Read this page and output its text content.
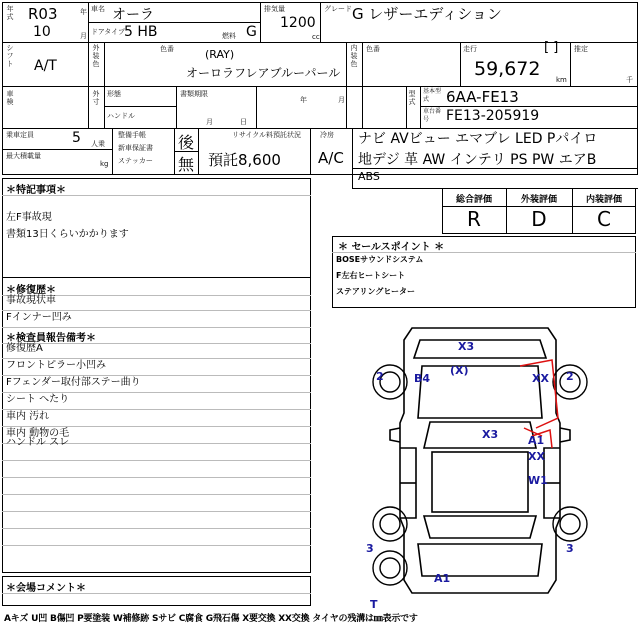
年
式 R03	年
10	月
車名 オーラ
ドアタイプ 5 HB	燃料 G
排気量
1200
cc
グレード G レザーエディション
シフト A/T
外装色
色番	(RAY)
オーロラフレアブルーパール
内装色
色番	走行	[ ]
59,672 km
推定
千
車検
外寸
形態
ハンドル
書類期限
年
月	日
月
型式
基本型式	6AA-FE13
車台番号	FE13-205919
乗車定員	5 人乗
最大積載量
kg
整備手帳
新車保証書
ステッカー
後
無
リサイクル料預託状況
預託8,600
冷房
A/C
ナビ AVビュー エマブレ LED Pパイロ
地デジ 革 AW インテリ PS PW エアB
ABS
＊特記事項＊
左F事故現
書類13日くらいかかります
総合評価	外装評価	内装評価
R	D	C
＊ セールスポイント ＊
BOSEサウンドシステム
F左右ヒートシート
ステアリングヒーター
＊修復歴＊
事故現状車
Fインナー凹み
＊検査員報告備考＊
修復歴A
フロントピラー小凹み
Fフェンダー取付部ステー曲り
シート へたり
車内 汚れ
車内 動物の毛
ハンドル スレ
＊会場コメント＊
X3
B4
(X)
XX
2	2
X3	A1
XX
W1
3	3
A1
T
Aキズ U凹 B傷凹 P要塗装 W補修跡 Sサビ C腐食 G飛石傷 X要交換 XX交換 タイヤの残溝は㎜表示です
